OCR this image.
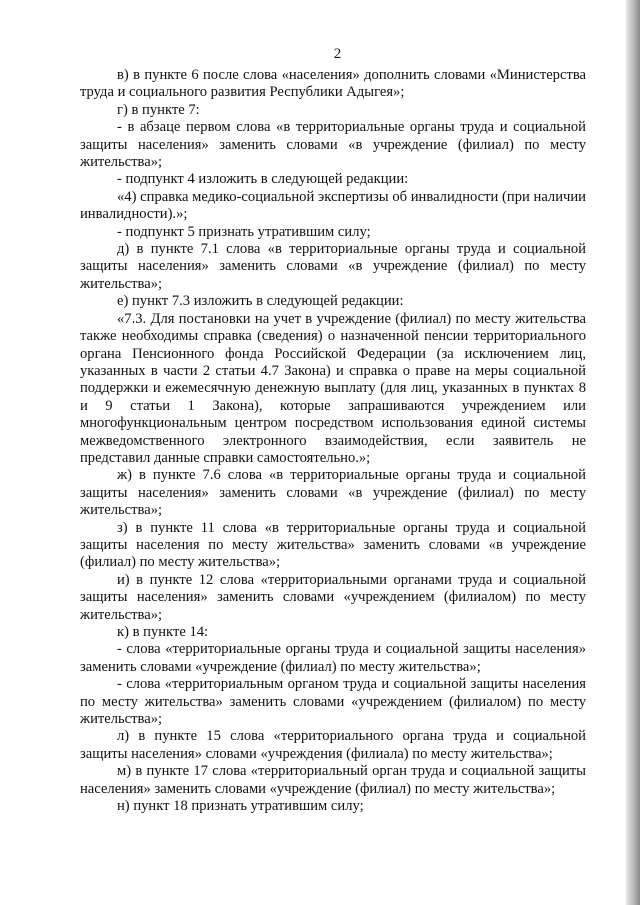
2

в) в пункте 6 после слова «населения» дополнить словами «Министерства труда и социального развития Республики Адыгея»;

г) в пункте 7:

- в абзаце первом слова «в территориальные органы труда и социальной защиты населения» заменить словами «в учреждение (филиал) по месту жительства»;

- подпункт 4 изложить в следующей редакции:

«4) справка медико-социальной экспертизы об инвалидности (при наличии инвалидности).»;

- подпункт 5 признать утратившим силу;

д) в пункте 7.1 слова «в территориальные органы труда и социальной защиты населения» заменить словами «в учреждение (филиал) по месту жительства»;

е) пункт 7.3 изложить в следующей редакции:

«7.3. Для постановки на учет в учреждение (филиал) по месту жительства также необходимы справка (сведения) о назначенной пенсии территориального органа Пенсионного фонда Российской Федерации (за исключением лиц, указанных в части 2 статьи 4.7 Закона) и справка о праве на меры социальной поддержки и ежемесячную денежную выплату (для лиц, указанных в пунктах 8 и 9 статьи 1 Закона), которые запрашиваются учреждением или многофункциональным центром посредством использования единой системы межведомственного электронного взаимодействия, если заявитель не представил данные справки самостоятельно.»;

ж) в пункте 7.6 слова «в территориальные органы труда и социальной защиты населения» заменить словами «в учреждение (филиал) по месту жительства»;

з) в пункте 11 слова «в территориальные органы труда и социальной защиты населения по месту жительства» заменить словами «в учреждение (филиал) по месту жительства»;

и) в пункте 12 слова «территориальными органами труда и социальной защиты населения» заменить словами «учреждением (филиалом) по месту жительства»;

к) в пункте 14:

- слова «территориальные органы труда и социальной защиты населения» заменить словами «учреждение (филиал) по месту жительства»;

- слова «территориальным органом труда и социальной защиты населения по месту жительства» заменить словами «учреждением (филиалом) по месту жительства»;

л) в пункте 15 слова «территориального органа труда и социальной защиты населения» словами «учреждения (филиала) по месту жительства»;

м) в пункте 17 слова «территориальный орган труда и социальной защиты населения» заменить словами «учреждение (филиал) по месту жительства»;

н) пункт 18 признать утратившим силу;
